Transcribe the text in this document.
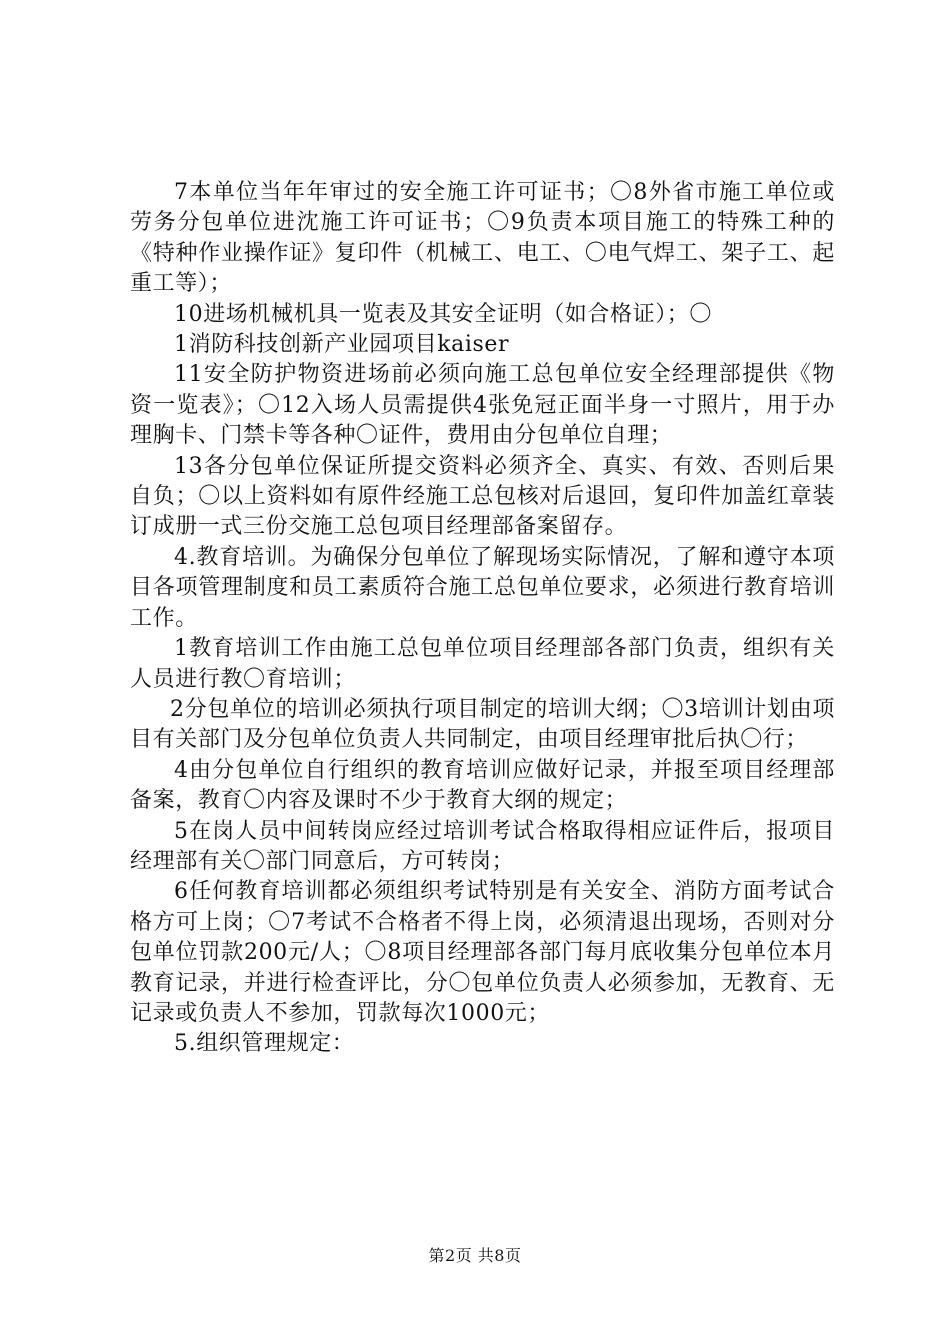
7本单位当年年审过的安全施工许可证书；〇8外省市施工单位或劳务分包单位进沈施工许可证书；〇9负责本项目施工的特殊工种的《特种作业操作证》复印件（机械工、电工、〇电气焊工、架子工、起重工等）；

10进场机械机具一览表及其安全证明（如合格证）；〇

1消防科技创新产业园项目kaiser

11安全防护物资进场前必须向施工总包单位安全经理部提供《物资一览表》；〇12入场人员需提供4张免冠正面半身一寸照片，用于办理胸卡、门禁卡等各种〇证件，费用由分包单位自理；

13各分包单位保证所提交资料必须齐全、真实、有效、否则后果自负；〇以上资料如有原件经施工总包核对后退回，复印件加盖红章装订成册一式三份交施工总包项目经理部备案留存。

4.教育培训。为确保分包单位了解现场实际情况，了解和遵守本项目各项管理制度和员工素质符合施工总包单位要求，必须进行教育培训工作。

1教育培训工作由施工总包单位项目经理部各部门负责，组织有关人员进行教〇育培训；

2分包单位的培训必须执行项目制定的培训大纲；〇3培训计划由项目有关部门及分包单位负责人共同制定，由项目经理审批后执〇行；

4由分包单位自行组织的教育培训应做好记录，并报至项目经理部备案，教育〇内容及课时不少于教育大纲的规定；

5在岗人员中间转岗应经过培训考试合格取得相应证件后，报项目经理部有关〇部门同意后，方可转岗；

6任何教育培训都必须组织考试特别是有关安全、消防方面考试合格方可上岗；〇7考试不合格者不得上岗，必须清退出现场，否则对分包单位罚款200元/人；〇8项目经理部各部门每月底收集分包单位本月教育记录，并进行检查评比，分〇包单位负责人必须参加，无教育、无记录或负责人不参加，罚款每次1000元；

5.组织管理规定：

第2页 共8页
